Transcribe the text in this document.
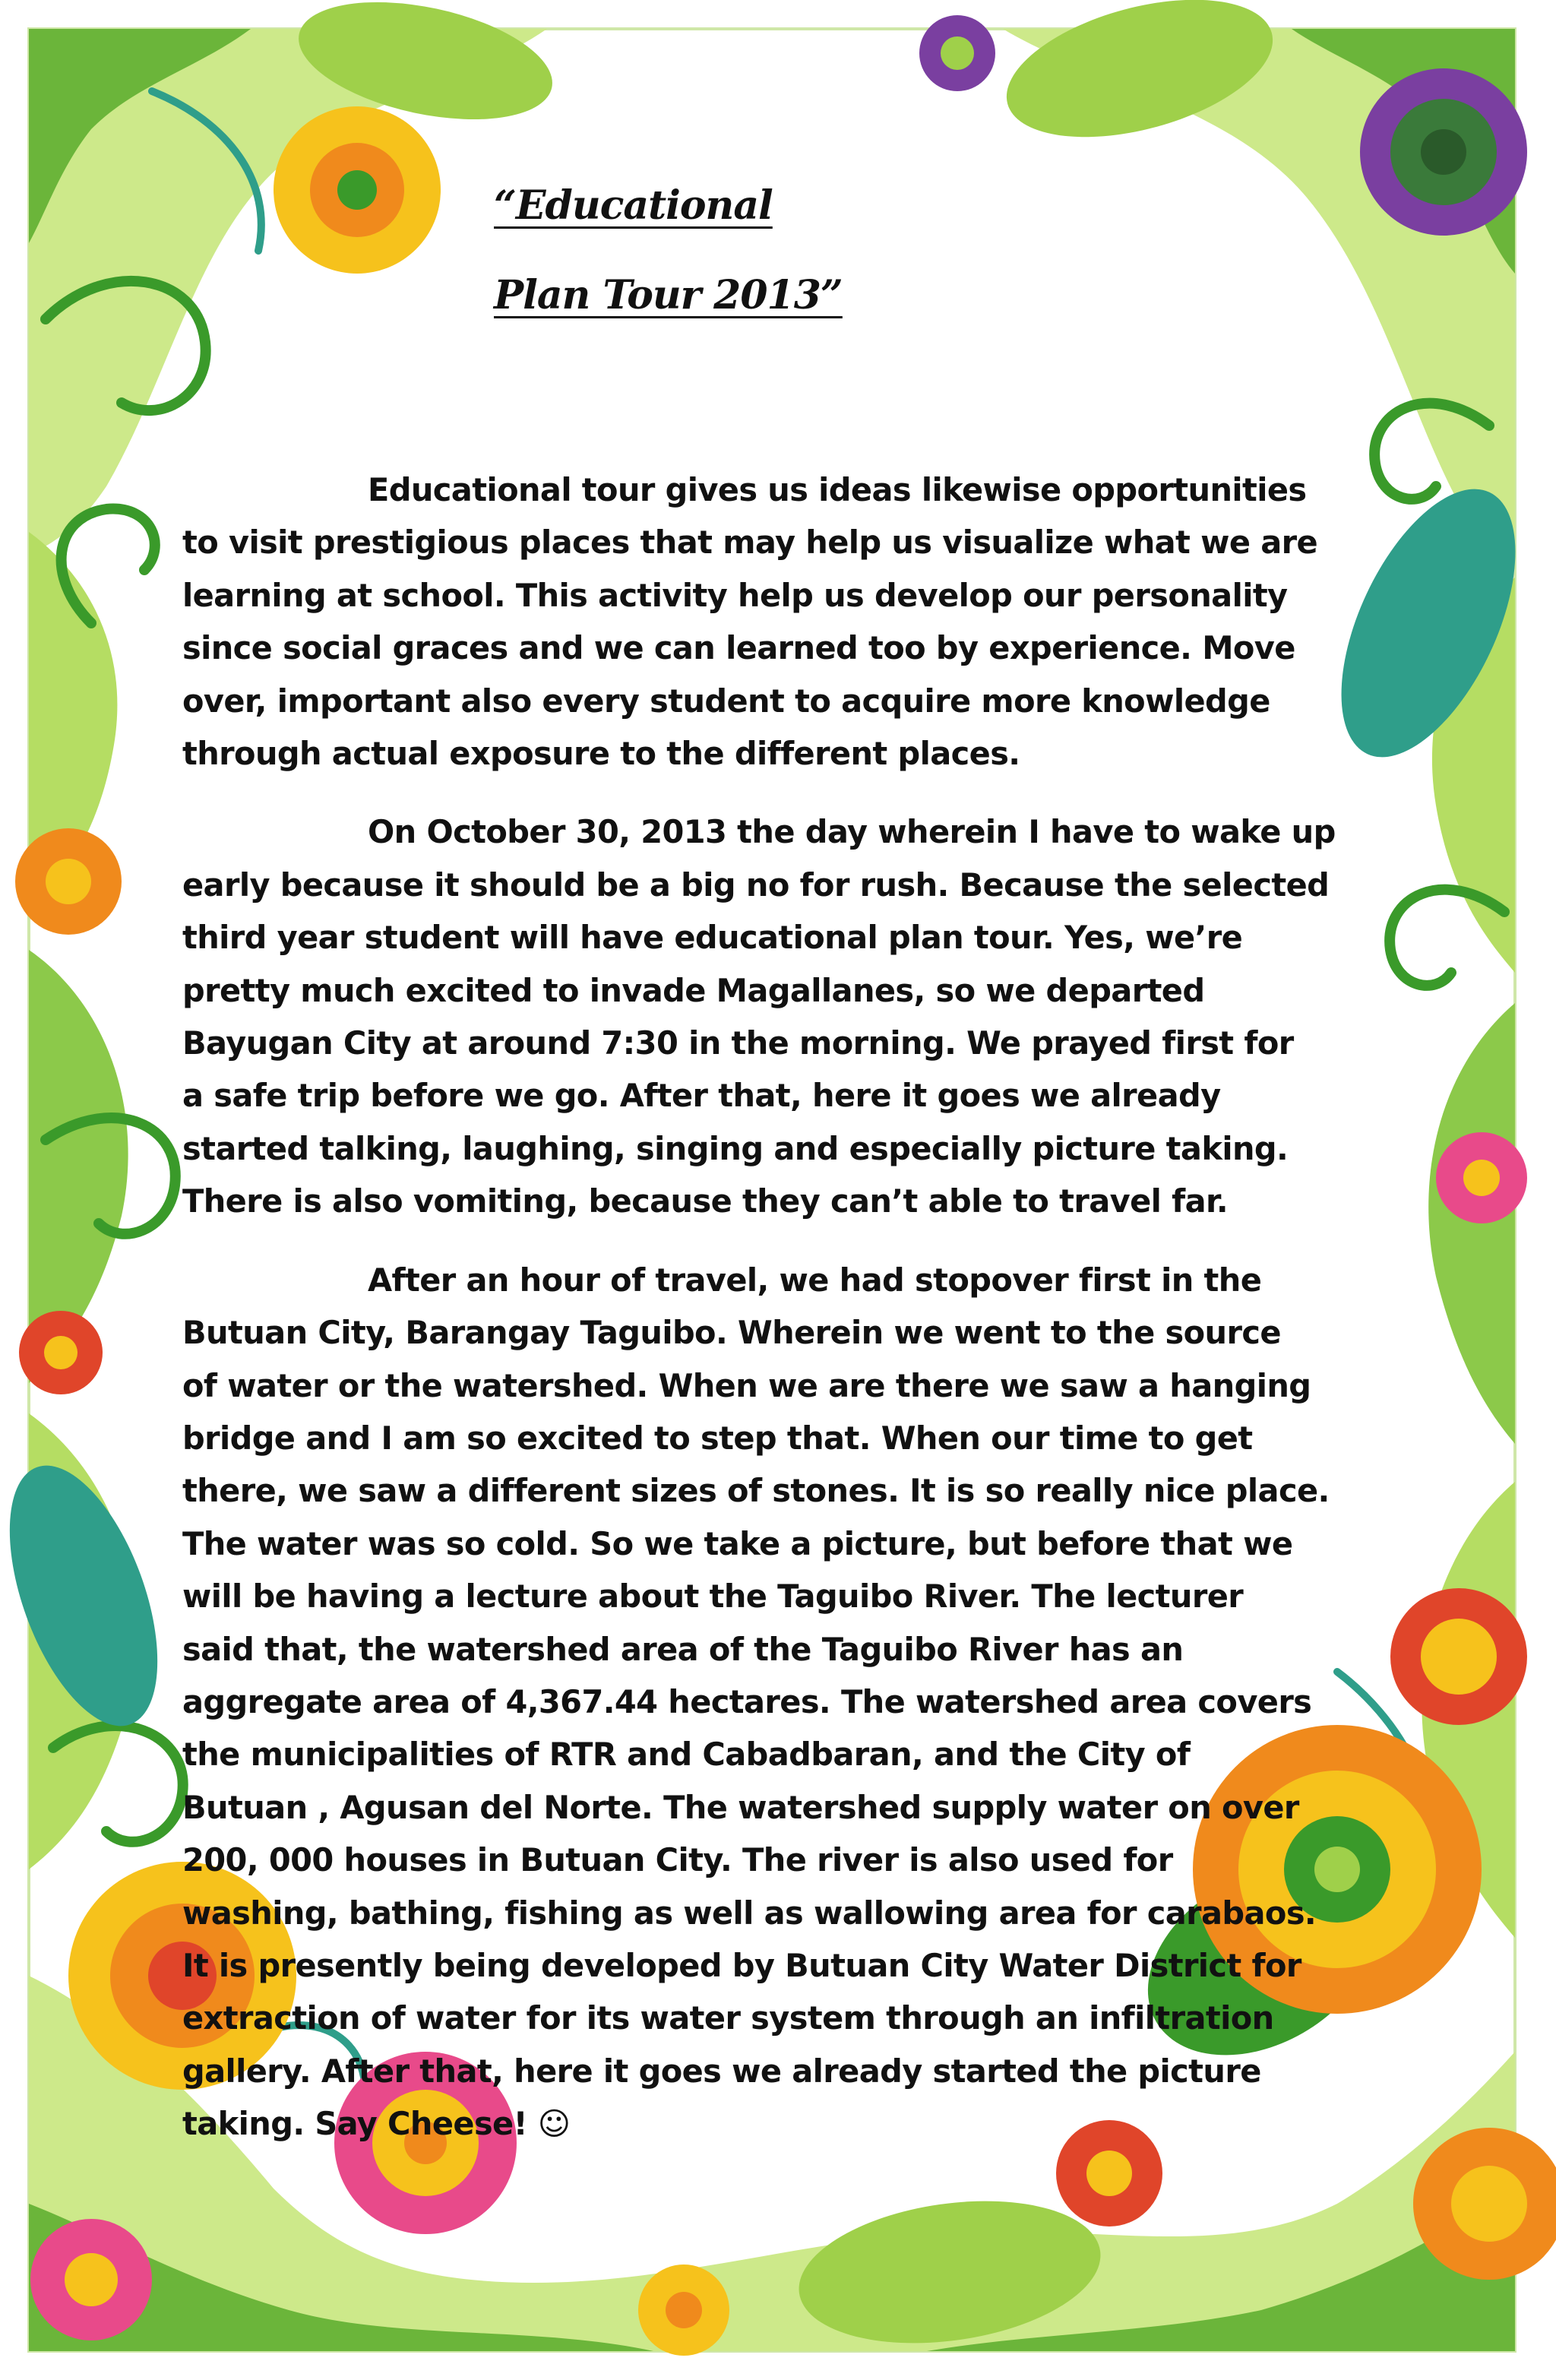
“Educational
Plan Tour 2013”
Educational tour gives us ideas likewise opportunities
to visit prestigious places that may help us visualize what we are
learning at school. This activity help us develop our personality
since social graces and we can learned too by experience. Move
over, important also every student to acquire more knowledge
through actual exposure to the different places.
On October 30, 2013 the day wherein I have to wake up
early because it should be a big no for rush. Because the selected
third year student will have educational plan tour. Yes, we’re
pretty much excited to invade Magallanes, so we departed
Bayugan City at around 7:30 in the morning. We prayed first for
a safe trip before we go. After that, here it goes we already
started talking, laughing, singing and especially picture taking.
There is also vomiting, because they can’t able to travel far.
After an hour of travel, we had stopover first in the
Butuan City, Barangay Taguibo. Wherein we went to the source
of water or the watershed. When we are there we saw a hanging
bridge and I am so excited to step that. When our time to get
there, we saw a different sizes of stones. It is so really nice place.
The water was so cold. So we take a picture, but before that we
will be having a lecture about the Taguibo River. The lecturer
said that, the watershed area of the Taguibo River has an
aggregate area of 4,367.44 hectares. The watershed area covers
the municipalities of RTR and Cabadbaran, and the City of
Butuan , Agusan del Norte. The watershed supply water on over
200, 000 houses in Butuan City. The river is also used for
washing, bathing, fishing as well as wallowing area for carabaos.
It is presently being developed by Butuan City Water District for
extraction of water for its water system through an infiltration
gallery. After that, here it goes we already started the picture
taking. Say Cheese! ☺
